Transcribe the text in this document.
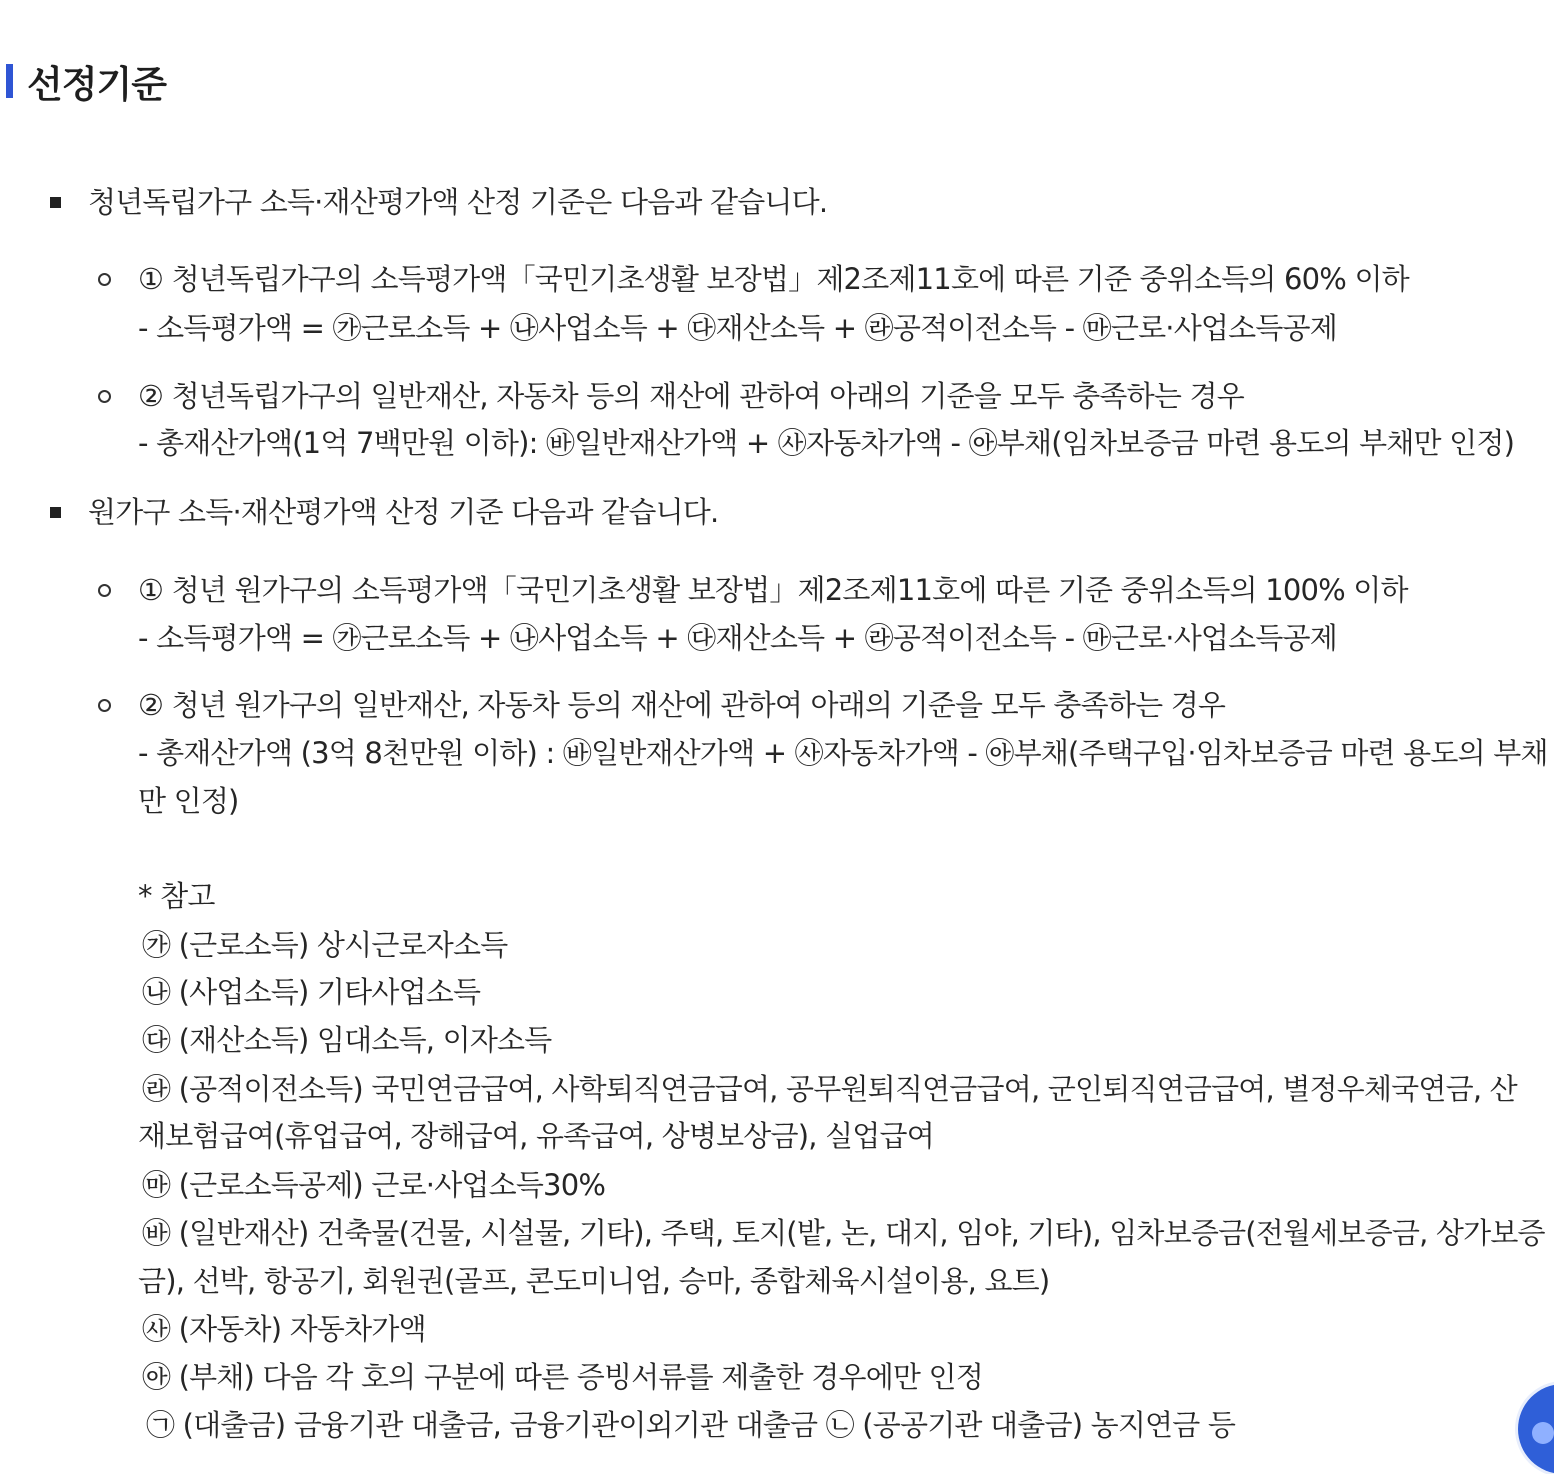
선정기준
청년독립가구 소득·재산평가액 산정 기준은 다음과 같습니다.
① 청년독립가구의 소득평가액「국민기초생활 보장법」제2조제11호에 따른 기준 중위소득의 60% 이하
- 소득평가액 = ㉮근로소득 + ㉯사업소득 + ㉰재산소득 + ㉱공적이전소득 - ㉲근로·사업소득공제
② 청년독립가구의 일반재산, 자동차 등의 재산에 관하여 아래의 기준을 모두 충족하는 경우
- 총재산가액(1억 7백만원 이하): ㉳일반재산가액 + ㉴자동차가액 - ㉵부채(임차보증금 마련 용도의 부채만 인정)
원가구 소득·재산평가액 산정 기준 다음과 같습니다.
① 청년 원가구의 소득평가액「국민기초생활 보장법」제2조제11호에 따른 기준 중위소득의 100% 이하
- 소득평가액 = ㉮근로소득 + ㉯사업소득 + ㉰재산소득 + ㉱공적이전소득 - ㉲근로·사업소득공제
② 청년 원가구의 일반재산, 자동차 등의 재산에 관하여 아래의 기준을 모두 충족하는 경우
- 총재산가액 (3억 8천만원 이하) : ㉳일반재산가액 + ㉴자동차가액 - ㉵부채(주택구입·임차보증금 마련 용도의 부채
만 인정)
* 참고
㉮ (근로소득) 상시근로자소득
㉯ (사업소득) 기타사업소득
㉰ (재산소득) 임대소득, 이자소득
㉱ (공적이전소득) 국민연금급여, 사학퇴직연금급여, 공무원퇴직연금급여, 군인퇴직연금급여, 별정우체국연금, 산
재보험급여(휴업급여, 장해급여, 유족급여, 상병보상금), 실업급여
㉲ (근로소득공제) 근로·사업소득30%
㉳ (일반재산) 건축물(건물, 시설물, 기타), 주택, 토지(밭, 논, 대지, 임야, 기타), 임차보증금(전월세보증금, 상가보증
금), 선박, 항공기, 회원권(골프, 콘도미니엄, 승마, 종합체육시설이용, 요트)
㉴ (자동차) 자동차가액
㉵ (부채) 다음 각 호의 구분에 따른 증빙서류를 제출한 경우에만 인정
㉠ (대출금) 금융기관 대출금, 금융기관이외기관 대출금 ㉡ (공공기관 대출금) 농지연금 등
